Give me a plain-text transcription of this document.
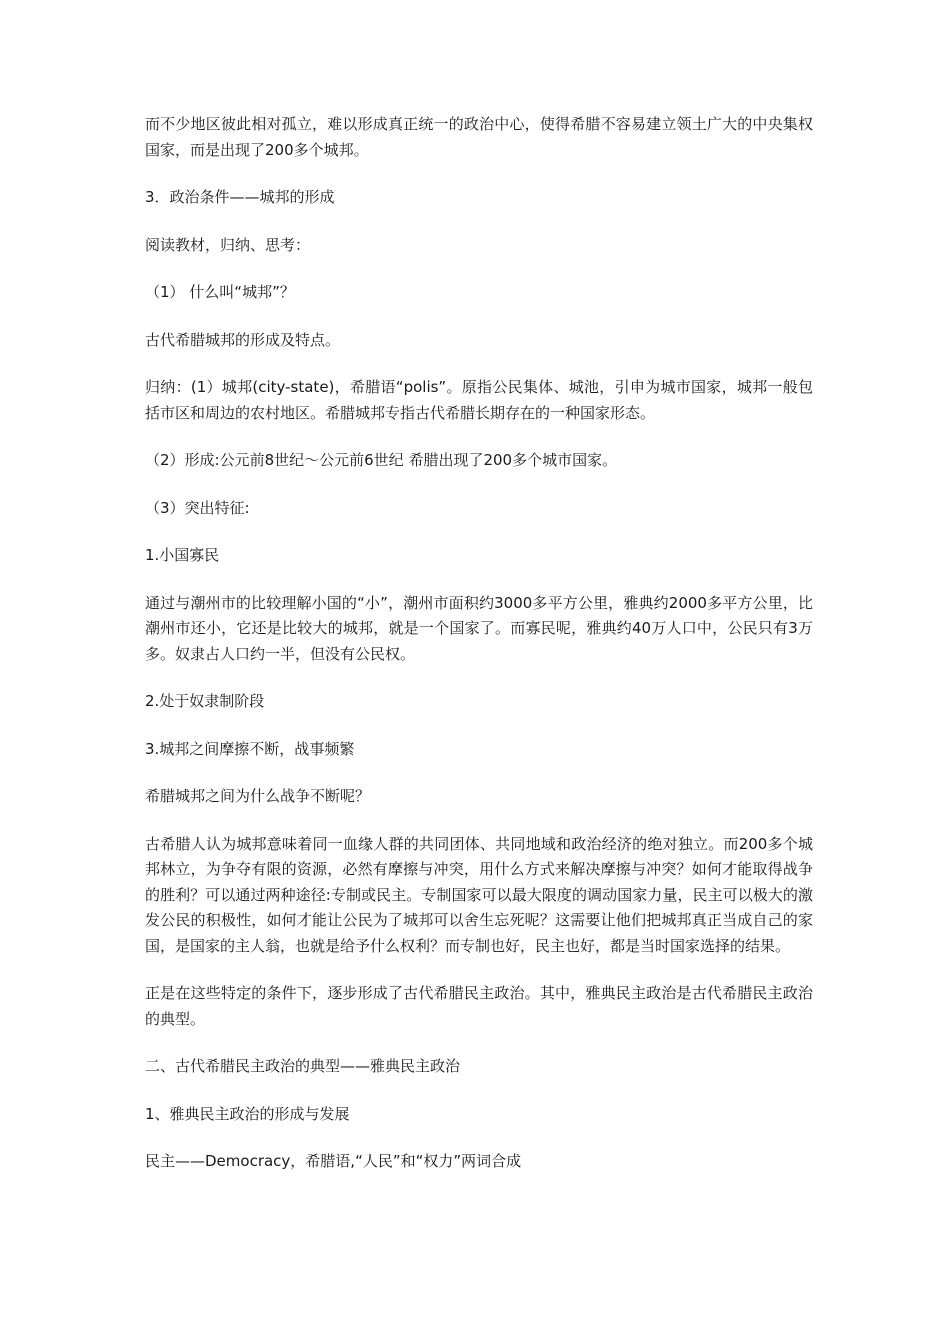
而不少地区彼此相对孤立，难以形成真正统一的政治中心，使得希腊不容易建立领土广大的中央集权国家，而是出现了200多个城邦。

3．政治条件——城邦的形成

阅读教材，归纳、思考：

（1） 什么叫“城邦”？

古代希腊城邦的形成及特点。

归纳：(1）城邦(city-state)，希腊语“polis”。原指公民集体、城池，引申为城市国家，城邦一般包括市区和周边的农村地区。希腊城邦专指古代希腊长期存在的一种国家形态。

（2）形成:公元前8世纪～公元前6世纪 希腊出现了200多个城市国家。

（3）突出特征:

1.小国寡民

通过与潮州市的比较理解小国的“小”，潮州市面积约3000多平方公里，雅典约2000多平方公里，比潮州市还小，它还是比较大的城邦，就是一个国家了。而寡民呢，雅典约40万人口中，公民只有3万多。奴隶占人口约一半，但没有公民权。

2.处于奴隶制阶段

3.城邦之间摩擦不断，战事频繁

希腊城邦之间为什么战争不断呢？

古希腊人认为城邦意味着同一血缘人群的共同团体、共同地域和政治经济的绝对独立。而200多个城邦林立，为争夺有限的资源，必然有摩擦与冲突，用什么方式来解决摩擦与冲突？如何才能取得战争的胜利？可以通过两种途径:专制或民主。专制国家可以最大限度的调动国家力量，民主可以极大的激发公民的积极性，如何才能让公民为了城邦可以舍生忘死呢？这需要让他们把城邦真正当成自己的家国，是国家的主人翁，也就是给予什么权利？而专制也好，民主也好，都是当时国家选择的结果。

正是在这些特定的条件下，逐步形成了古代希腊民主政治。其中，雅典民主政治是古代希腊民主政治的典型。

二、古代希腊民主政治的典型——雅典民主政治

1、雅典民主政治的形成与发展

民主——Democracy，希腊语,“人民”和“权力”两词合成
